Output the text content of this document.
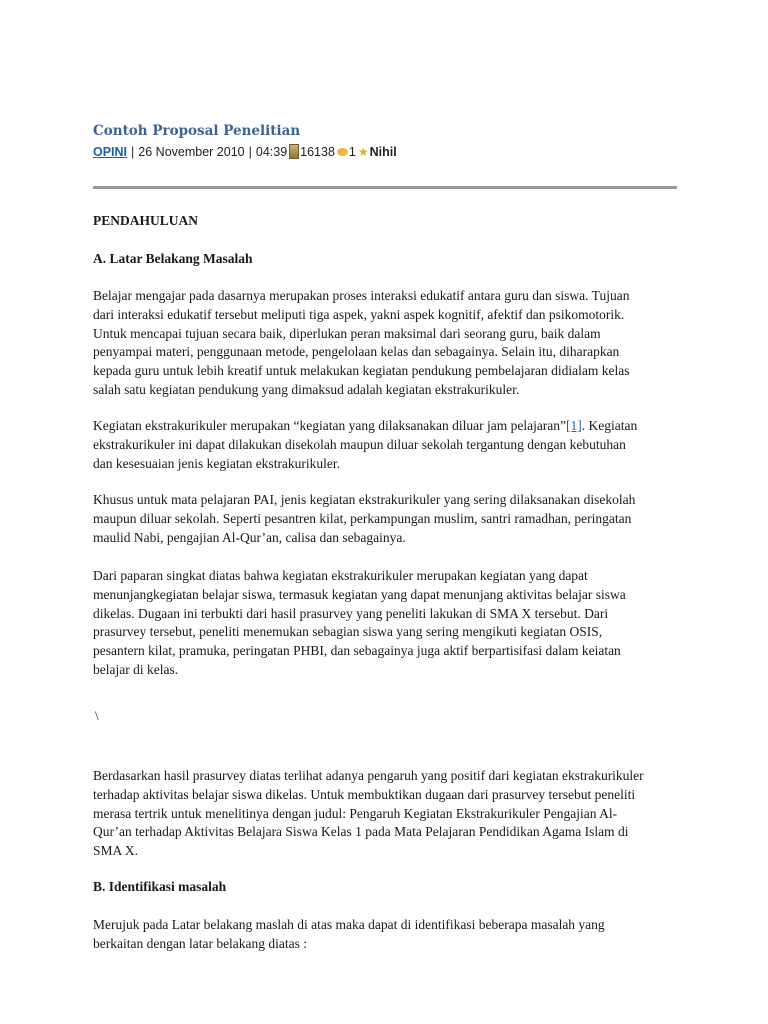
Contoh Proposal Penelitian
OPINI | 26 November 2010 | 04:39 16138 1 ★ Nihil
PENDAHULUAN
A. Latar Belakang Masalah
Belajar mengajar pada dasarnya merupakan proses interaksi edukatif antara guru dan siswa. Tujuan
dari interaksi edukatif tersebut meliputi tiga aspek, yakni aspek kognitif, afektif dan psikomotorik.
Untuk mencapai tujuan secara baik, diperlukan peran maksimal dari seorang guru, baik dalam
penyampai materi, penggunaan metode, pengelolaan kelas dan sebagainya. Selain itu, diharapkan
kepada guru untuk lebih kreatif untuk melakukan kegiatan pendukung pembelajaran didialam kelas
salah satu kegiatan pendukung yang dimaksud adalah kegiatan ekstrakurikuler.
Kegiatan ekstrakurikuler merupakan “kegiatan yang dilaksanakan diluar jam pelajaran”[1]. Kegiatan
ekstrakurikuler ini dapat dilakukan disekolah maupun diluar sekolah tergantung dengan kebutuhan
dan kesesuaian jenis kegiatan ekstrakurikuler.
Khusus untuk mata pelajaran PAI, jenis kegiatan ekstrakurikuler yang sering dilaksanakan disekolah
maupun diluar sekolah. Seperti pesantren kilat, perkampungan muslim, santri ramadhan, peringatan
maulid Nabi, pengajian Al-Qur’an, calisa dan sebagainya.
Dari paparan singkat diatas bahwa kegiatan ekstrakurikuler merupakan kegiatan yang dapat
menunjangkegiatan belajar siswa, termasuk kegiatan yang dapat menunjang aktivitas belajar siswa
dikelas. Dugaan ini terbukti dari hasil prasurvey yang peneliti lakukan di SMA X tersebut. Dari
prasurvey tersebut, peneliti menemukan sebagian siswa yang sering mengikuti kegiatan OSIS,
pesantern kilat, pramuka, peringatan PHBI, dan sebagainya juga aktif berpartisifasi dalam keiatan
belajar di kelas.
\
Berdasarkan hasil prasurvey diatas terlihat adanya pengaruh yang positif dari kegiatan ekstrakurikuler
terhadap aktivitas belajar siswa dikelas. Untuk membuktikan dugaan dari prasurvey tersebut peneliti
merasa tertrik untuk menelitinya dengan judul: Pengaruh Kegiatan Ekstrakurikuler Pengajian Al-
Qur’an terhadap Aktivitas Belajara Siswa Kelas 1 pada Mata Pelajaran Pendidikan Agama Islam di
SMA X.
B. Identifikasi masalah
Merujuk pada Latar belakang maslah di atas maka dapat di identifikasi beberapa masalah yang
berkaitan dengan latar belakang diatas :
